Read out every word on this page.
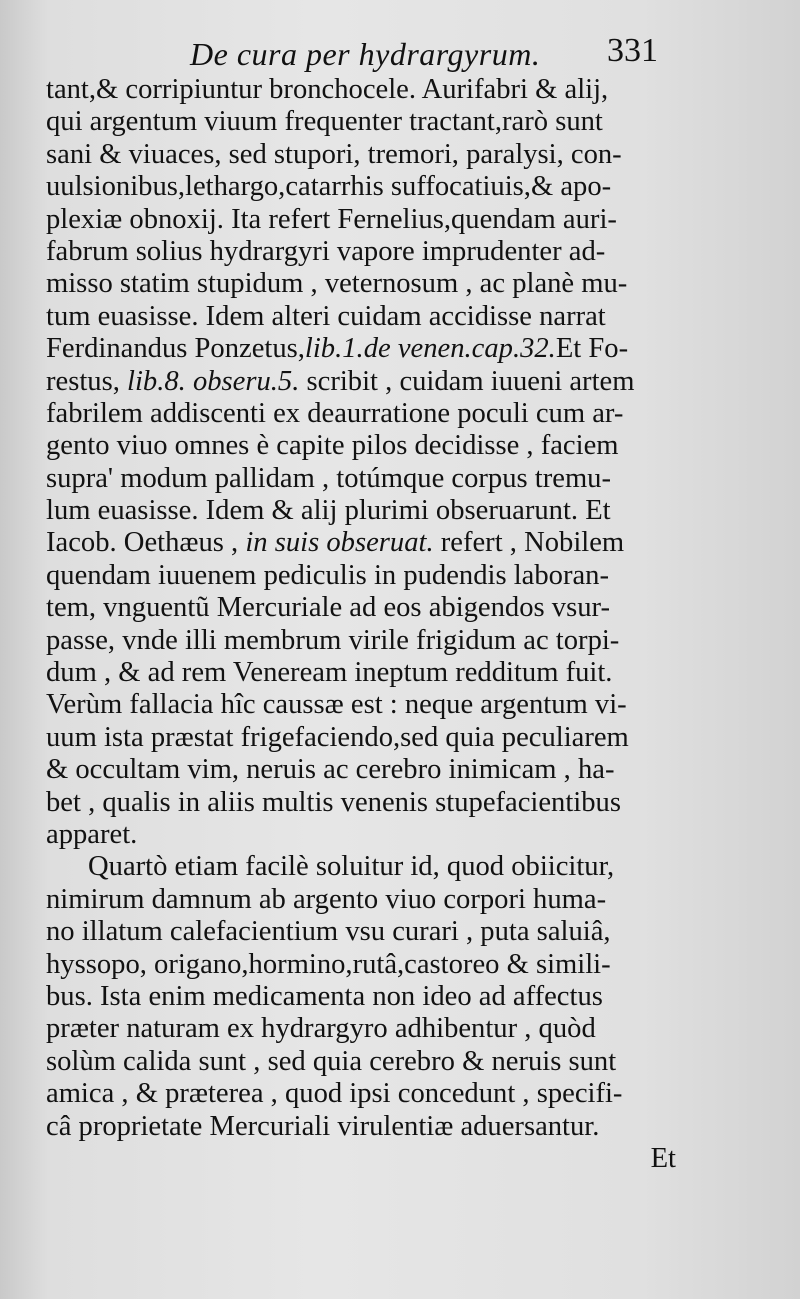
De cura per hydrargyrum.	331
tant,& corripiuntur bronchocele. Aurifabri & alij,
qui argentum viuum frequenter tractant,rarò sunt
sani & viuaces, sed stupori, tremori, paralysi, con-
uulsionibus,lethargo,catarrhis suffocatiuis,& apo-
plexiæ obnoxij. Ita refert Fernelius,quendam auri-
fabrum solius hydrargyri vapore imprudenter ad-
misso statim stupidum , veternosum , ac planè mu-
tum euasisse. Idem alteri cuidam accidisse narrat
Ferdinandus Ponzetus,lib.1.de venen.cap.32.Et Fo-
restus, lib.8. obseru.5. scribit , cuidam iuueni artem
fabrilem addiscenti ex deaurratione poculi cum ar-
gento viuo omnes è capite pilos decidisse , faciem
supra' modum pallidam , totúmque corpus tremu-
lum euasisse. Idem & alij plurimi obseruarunt. Et
Iacob. Oethæus , in suis obseruat. refert , Nobilem
quendam iuuenem pediculis in pudendis laboran-
tem, vnguentũ Mercuriale ad eos abigendos vsur-
passe, vnde illi membrum virile frigidum ac torpi-
dum , & ad rem Veneream ineptum redditum fuit.
Verùm fallacia hîc caussæ est : neque argentum vi-
uum ista præstat frigefaciendo,sed quia peculiarem
& occultam vim, neruis ac cerebro inimicam , ha-
bet , qualis in aliis multis venenis stupefacientibus
apparet.
Quartò etiam facilè soluitur id, quod obiicitur,
nimirum damnum ab argento viuo corpori huma-
no illatum calefacientium vsu curari , puta saluiâ,
hyssopo, origano,hormino,rutâ,castoreo & simili-
bus. Ista enim medicamenta non ideo ad affectus
præter naturam ex hydrargyro adhibentur , quòd
solùm calida sunt , sed quia cerebro & neruis sunt
amica , & præterea , quod ipsi concedunt , specifi-
câ proprietate Mercuriali virulentiæ aduersantur.
Et
